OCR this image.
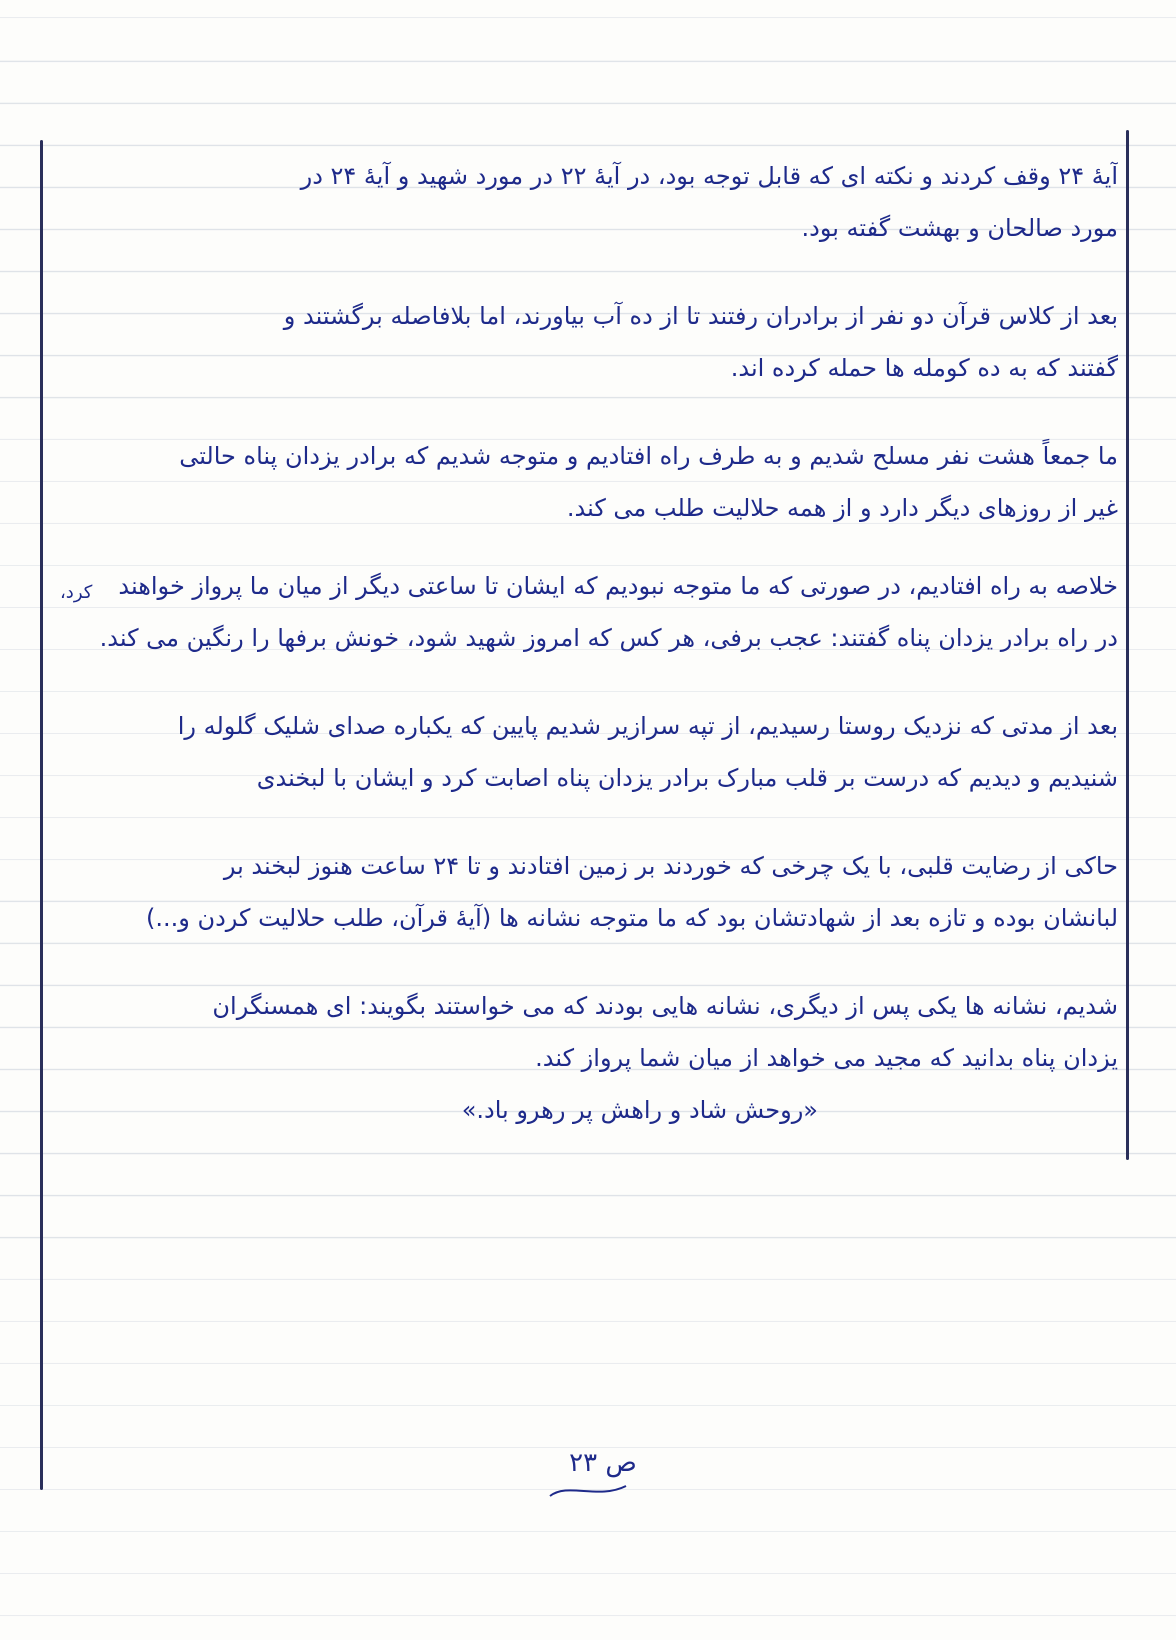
آیهٔ ۲۴ وقف کردند و نکته ای که قابل توجه بود، در آیهٔ ۲۲ در مورد شهید و آیهٔ ۲۴ در
مورد صالحان و بهشت گفته بود.
بعد از کلاس قرآن دو نفر از برادران رفتند تا از ده آب بیاورند، اما بلافاصله برگشتند و
گفتند که به ده کومله ها حمله کرده اند.
ما جمعاً هشت نفر مسلح شدیم و به طرف راه افتادیم و متوجه شدیم که برادر یزدان پناه حالتی
غیر از روزهای دیگر دارد و از همه حلالیت طلب می کند.
خلاصه به راه افتادیم، در صورتی که ما متوجه نبودیم که ایشان تا ساعتی دیگر از میان ما پرواز خواهند
در راه برادر یزدان پناه گفتند: عجب برفی، هر کس که امروز شهید شود، خونش برفها را رنگین می کند.
بعد از مدتی که نزدیک روستا رسیدیم، از تپه سرازیر شدیم پایین که یکباره صدای شلیک گلوله را
شنیدیم و دیدیم که درست بر قلب مبارک برادر یزدان پناه اصابت کرد و ایشان با لبخندی
حاکی از رضایت قلبی، با یک چرخی که خوردند بر زمین افتادند و تا ۲۴ ساعت هنوز لبخند بر
لبانشان بوده و تازه بعد از شهادتشان بود که ما متوجه نشانه ها (آیهٔ قرآن، طلب حلالیت کردن و...)
شدیم، نشانه ها یکی پس از دیگری، نشانه هایی بودند که می خواستند بگویند: ای همسنگران
یزدان پناه بدانید که مجید می خواهد از میان شما پرواز کند.
«روحش شاد و راهش پر رهرو باد.»
کرد،
ص ۲۳
